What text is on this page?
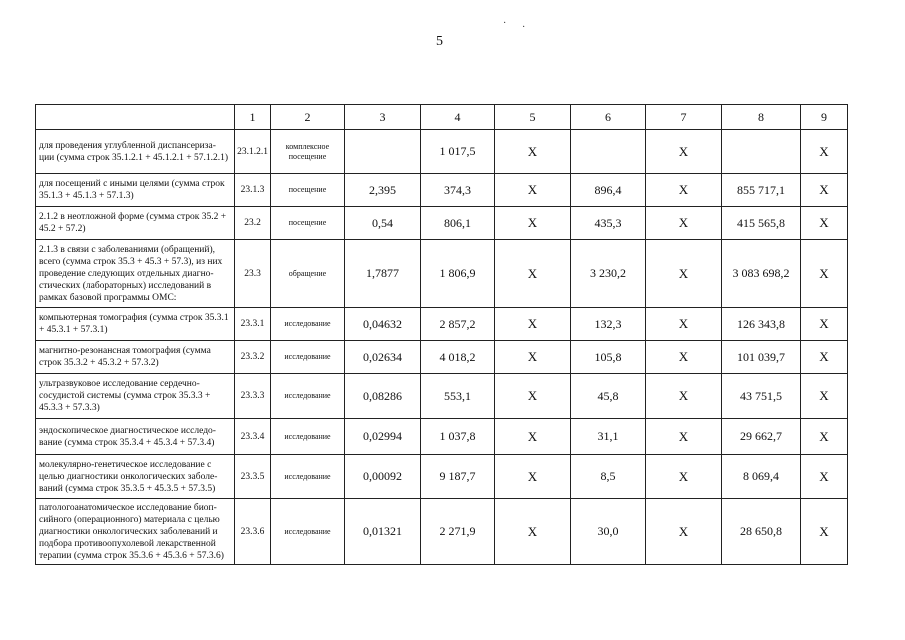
5
· ·
	1	2	3	4	5	6	7	8	9
для проведения углубленной диспансериза-ции (сумма строк 35.1.2.1 + 45.1.2.1 + 57.1.2.1)	23.1.2.1	комплексное посещение		1 017,5	X		X		X
для посещений с иными целями (сумма строк 35.1.3 + 45.1.3 + 57.1.3)	23.1.3	посещение	2,395	374,3	X	896,4	X	855 717,1	X
2.1.2 в неотложной форме (сумма строк 35.2 + 45.2 + 57.2)	23.2	посещение	0,54	806,1	X	435,3	X	415 565,8	X
2.1.3 в связи с заболеваниями (обращений), всего (сумма строк 35.3 + 45.3 + 57.3), из них проведение следующих отдельных диагно-стических (лабораторных) исследований в рамках базовой программы ОМС:	23.3	обращение	1,7877	1 806,9	X	3 230,2	X	3 083 698,2	X
компьютерная томография (сумма строк 35.3.1 + 45.3.1 + 57.3.1)	23.3.1	исследование	0,04632	2 857,2	X	132,3	X	126 343,8	X
магнитно-резонансная томография (сумма строк 35.3.2 + 45.3.2 + 57.3.2)	23.3.2	исследование	0,02634	4 018,2	X	105,8	X	101 039,7	X
ультразвуковое исследование сердечно-сосудистой системы (сумма строк 35.3.3 + 45.3.3 + 57.3.3)	23.3.3	исследование	0,08286	553,1	X	45,8	X	43 751,5	X
эндоскопическое диагностическое исследо-вание (сумма строк 35.3.4 + 45.3.4 + 57.3.4)	23.3.4	исследование	0,02994	1 037,8	X	31,1	X	29 662,7	X
молекулярно-генетическое исследование с целью диагностики онкологических заболе-ваний (сумма строк 35.3.5 + 45.3.5 + 57.3.5)	23.3.5	исследование	0,00092	9 187,7	X	8,5	X	8 069,4	X
патологоанатомическое исследование биоп-сийного (операционного) материала с целью диагностики онкологических заболеваний и подбора противоопухолевой лекарственной терапии (сумма строк 35.3.6 + 45.3.6 + 57.3.6)	23.3.6	исследование	0,01321	2 271,9	X	30,0	X	28 650,8	X
